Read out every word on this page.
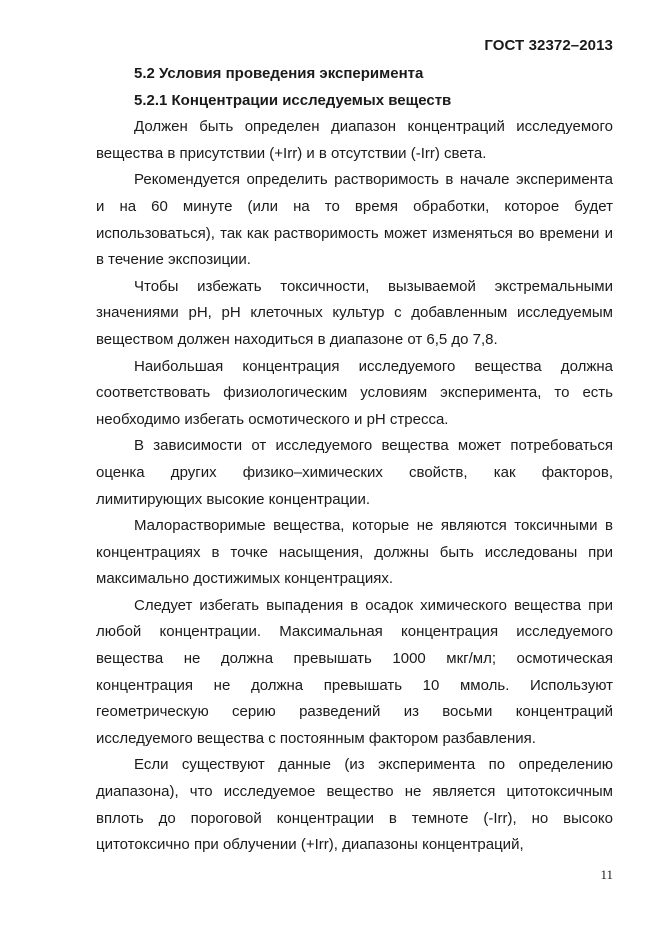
ГОСТ 32372–2013

5.2 Условия проведения эксперимента

5.2.1 Концентрации исследуемых веществ

Должен быть определен диапазон концентраций исследуемого вещества в присутствии (+Irr) и в отсутствии (-Irr) света.

Рекомендуется определить растворимость в начале эксперимента и на 60 минуте (или на то время обработки, которое будет использоваться), так как растворимость может изменяться во времени и в течение экспозиции.

Чтобы избежать токсичности, вызываемой экстремальными значениями pH, pH клеточных культур с добавленным исследуемым веществом должен находиться в диапазоне от 6,5 до 7,8.

Наибольшая концентрация исследуемого вещества должна соответствовать физиологическим условиям эксперимента, то есть необходимо избегать осмотического и pH стресса.

В зависимости от исследуемого вещества может потребоваться оценка других физико–химических свойств, как факторов, лимитирующих высокие концентрации.

Малорастворимые вещества, которые не являются токсичными в концентрациях в точке насыщения, должны быть исследованы при максимально достижимых концентрациях.

Следует избегать выпадения в осадок химического вещества при любой концентрации. Максимальная концентрация исследуемого вещества не должна превышать 1000 мкг/мл; осмотическая концентрация не должна превышать 10 ммоль. Используют геометрическую серию разведений из восьми концентраций исследуемого вещества с постоянным фактором разбавления.

Если существуют данные (из эксперимента по определению диапазона), что исследуемое вещество не является цитотоксичным вплоть до пороговой концентрации в темноте (-Irr), но высоко цитотоксично при облучении (+Irr), диапазоны концентраций,

11
